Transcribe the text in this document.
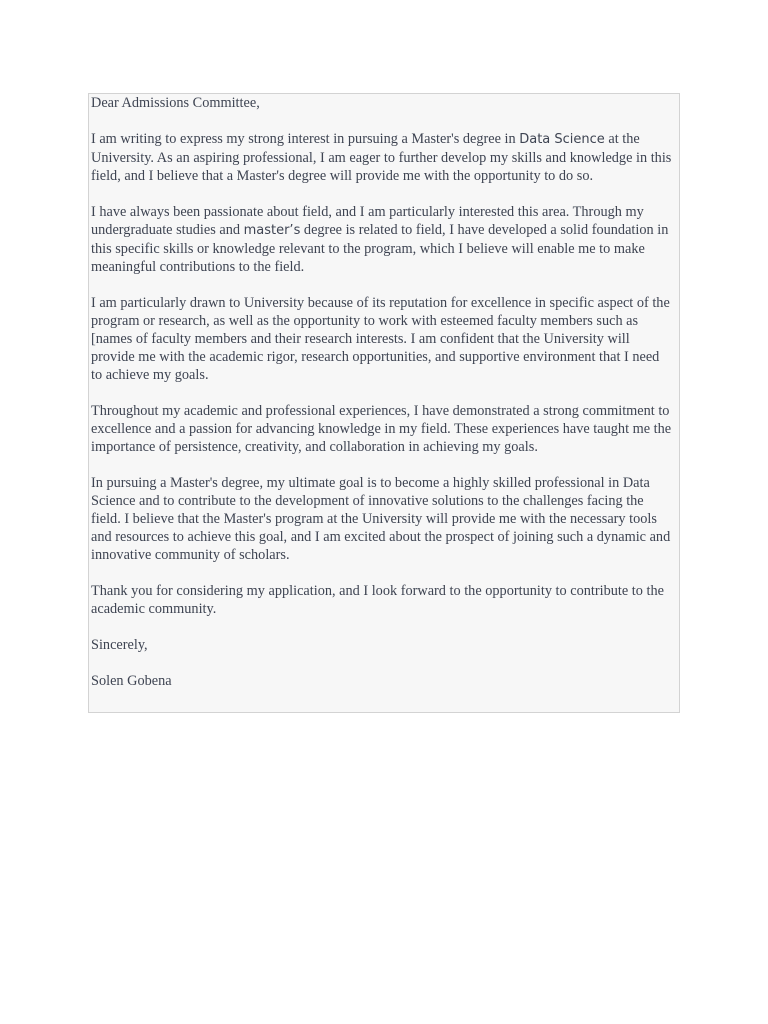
Dear Admissions Committee,

I am writing to express my strong interest in pursuing a Master's degree in Data Science at the University. As an aspiring professional, I am eager to further develop my skills and knowledge in this field, and I believe that a Master's degree will provide me with the opportunity to do so.

I have always been passionate about field, and I am particularly interested this area. Through my undergraduate studies and master’s degree is related to field, I have developed a solid foundation in this specific skills or knowledge relevant to the program, which I believe will enable me to make meaningful contributions to the field.

I am particularly drawn to University because of its reputation for excellence in specific aspect of the program or research, as well as the opportunity to work with esteemed faculty members such as [names of faculty members and their research interests. I am confident that the University will provide me with the academic rigor, research opportunities, and supportive environment that I need to achieve my goals.

Throughout my academic and professional experiences, I have demonstrated a strong commitment to excellence and a passion for advancing knowledge in my field. These experiences have taught me the importance of persistence, creativity, and collaboration in achieving my goals.

In pursuing a Master's degree, my ultimate goal is to become a highly skilled professional in Data Science and to contribute to the development of innovative solutions to the challenges facing the field. I believe that the Master's program at the University will provide me with the necessary tools and resources to achieve this goal, and I am excited about the prospect of joining such a dynamic and innovative community of scholars.

Thank you for considering my application, and I look forward to the opportunity to contribute to the academic community.

Sincerely,

Solen Gobena
